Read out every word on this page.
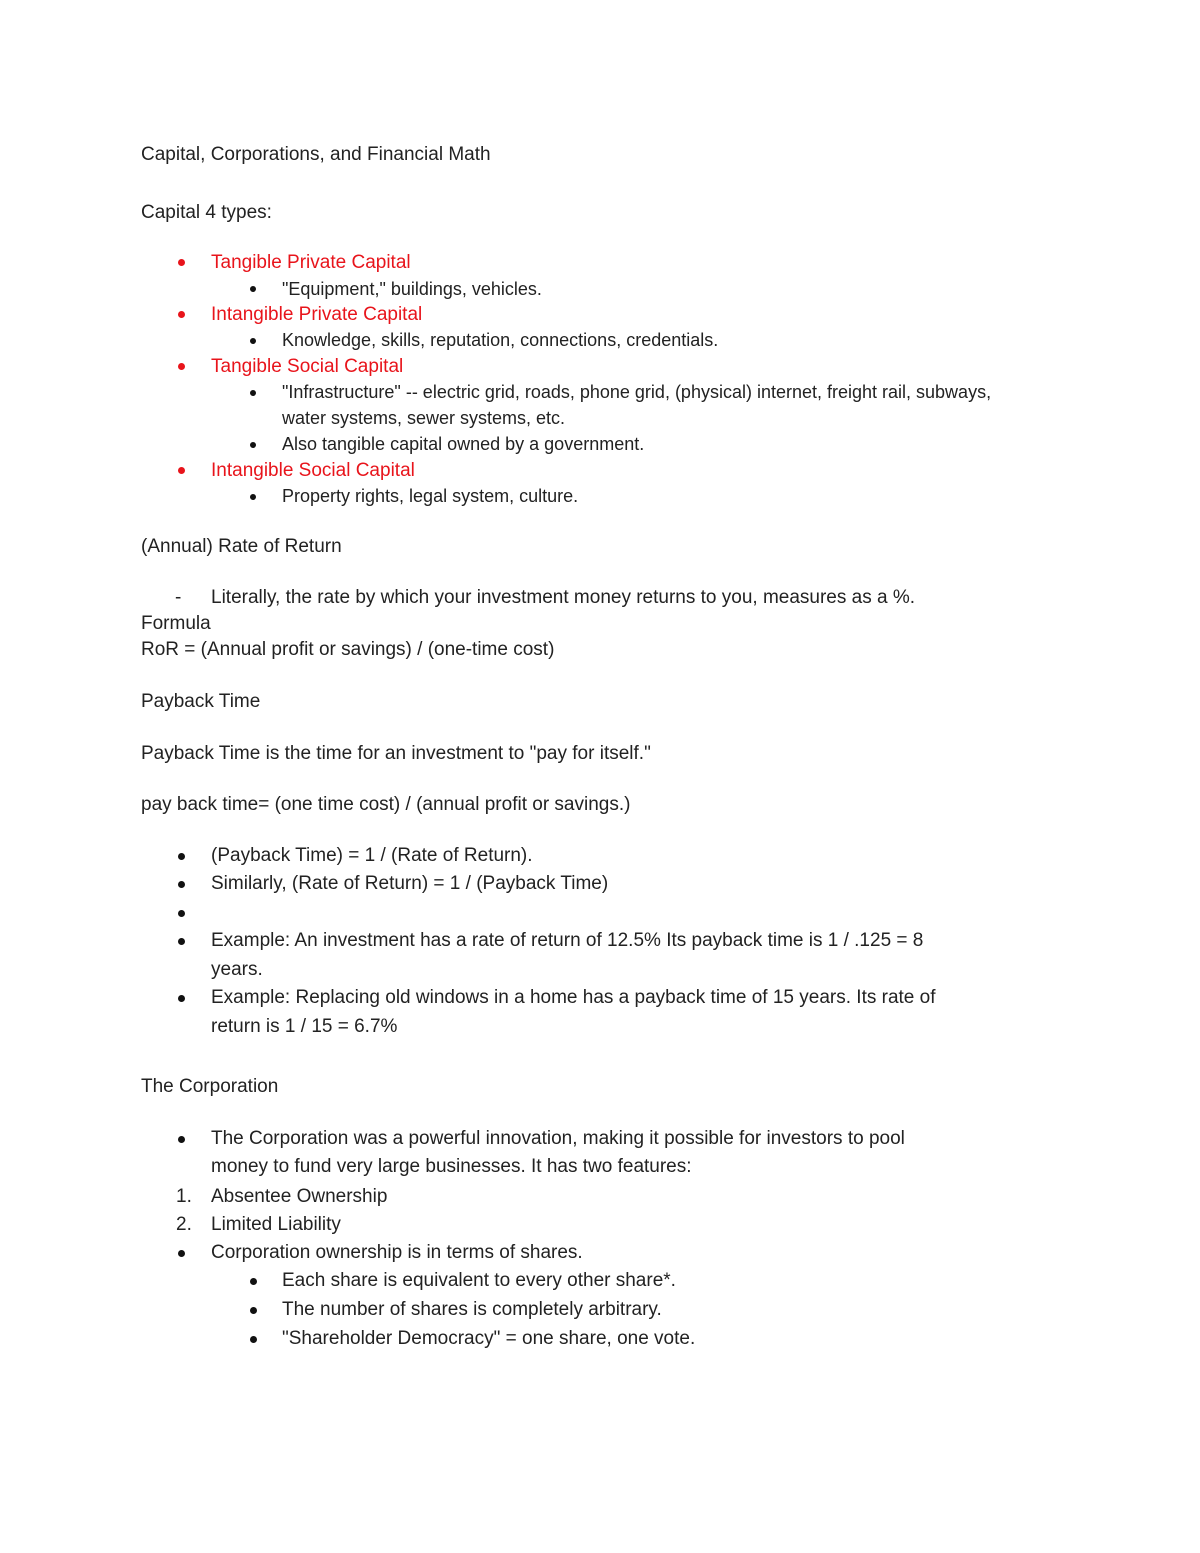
Capital, Corporations, and Financial Math
Capital 4 types:
Tangible Private Capital
"Equipment," buildings, vehicles.
Intangible Private Capital
Knowledge, skills, reputation, connections, credentials.
Tangible Social Capital
"Infrastructure" -- electric grid, roads, phone grid, (physical) internet, freight rail, subways,
water systems, sewer systems, etc.
Also tangible capital owned by a government.
Intangible Social Capital
Property rights, legal system, culture.
(Annual) Rate of Return
- Literally, the rate by which your investment money returns to you, measures as a %.
Formula
RoR = (Annual profit or savings) / (one-time cost)
Payback Time
Payback Time is the time for an investment to "pay for itself."
pay back time= (one time cost) / (annual profit or savings.)
(Payback Time) = 1 / (Rate of Return).
Similarly, (Rate of Return) = 1 / (Payback Time)
Example: An investment has a rate of return of 12.5% Its payback time is 1 / .125 = 8
years.
Example: Replacing old windows in a home has a payback time of 15 years. Its rate of
return is 1 / 15 = 6.7%
The Corporation
The Corporation was a powerful innovation, making it possible for investors to pool
money to fund very large businesses. It has two features:
1. Absentee Ownership
2. Limited Liability
Corporation ownership is in terms of shares.
Each share is equivalent to every other share*.
The number of shares is completely arbitrary.
"Shareholder Democracy" = one share, one vote.
